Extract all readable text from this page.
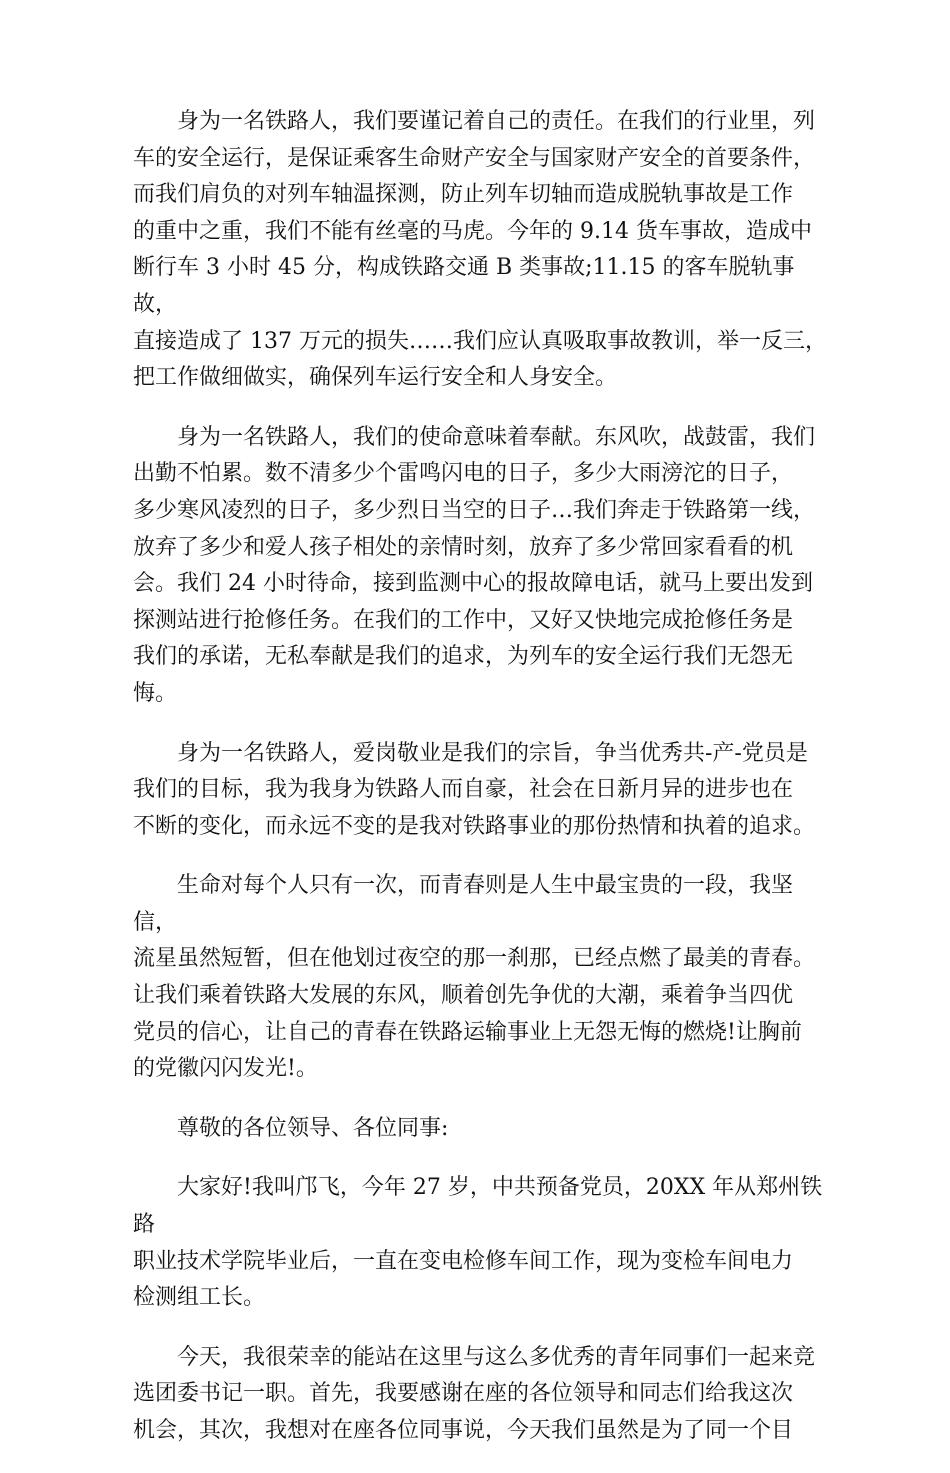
　　身为一名铁路人，我们要谨记着自己的责任。在我们的行业里，列
车的安全运行，是保证乘客生命财产安全与国家财产安全的首要条件，
而我们肩负的对列车轴温探测，防止列车切轴而造成脱轨事故是工作
的重中之重，我们不能有丝毫的马虎。今年的 9.14 货车事故，造成中
断行车 3 小时 45 分，构成铁路交通 B 类事故;11.15 的客车脱轨事故，
直接造成了 137 万元的损失……我们应认真吸取事故教训，举一反三，
把工作做细做实，确保列车运行安全和人身安全。

　　身为一名铁路人，我们的使命意味着奉献。东风吹，战鼓雷，我们
出勤不怕累。数不清多少个雷鸣闪电的日子，多少大雨滂沱的日子，
多少寒风凌烈的日子，多少烈日当空的日子…我们奔走于铁路第一线，
放弃了多少和爱人孩子相处的亲情时刻，放弃了多少常回家看看的机
会。我们 24 小时待命，接到监测中心的报故障电话，就马上要出发到
探测站进行抢修任务。在我们的工作中，又好又快地完成抢修任务是
我们的承诺，无私奉献是我们的追求，为列车的安全运行我们无怨无
悔。

　　身为一名铁路人，爱岗敬业是我们的宗旨，争当优秀共-产-党员是
我们的目标，我为我身为铁路人而自豪，社会在日新月异的进步也在
不断的变化，而永远不变的是我对铁路事业的那份热情和执着的追求。

　　生命对每个人只有一次，而青春则是人生中最宝贵的一段，我坚信，
流星虽然短暂，但在他划过夜空的那一刹那，已经点燃了最美的青春。
让我们乘着铁路大发展的东风，顺着创先争优的大潮，乘着争当四优
党员的信心，让自己的青春在铁路运输事业上无怨无悔的燃烧!让胸前
的党徽闪闪发光!。

　　尊敬的各位领导、各位同事:

　　大家好!我叫邝飞，今年 27 岁，中共预备党员，20XX 年从郑州铁路
职业技术学院毕业后，一直在变电检修车间工作，现为变检车间电力
检测组工长。

　　今天，我很荣幸的能站在这里与这么多优秀的青年同事们一起来竞
选团委书记一职。首先，我要感谢在座的各位领导和同志们给我这次
机会，其次，我想对在座各位同事说，今天我们虽然是为了同一个目
